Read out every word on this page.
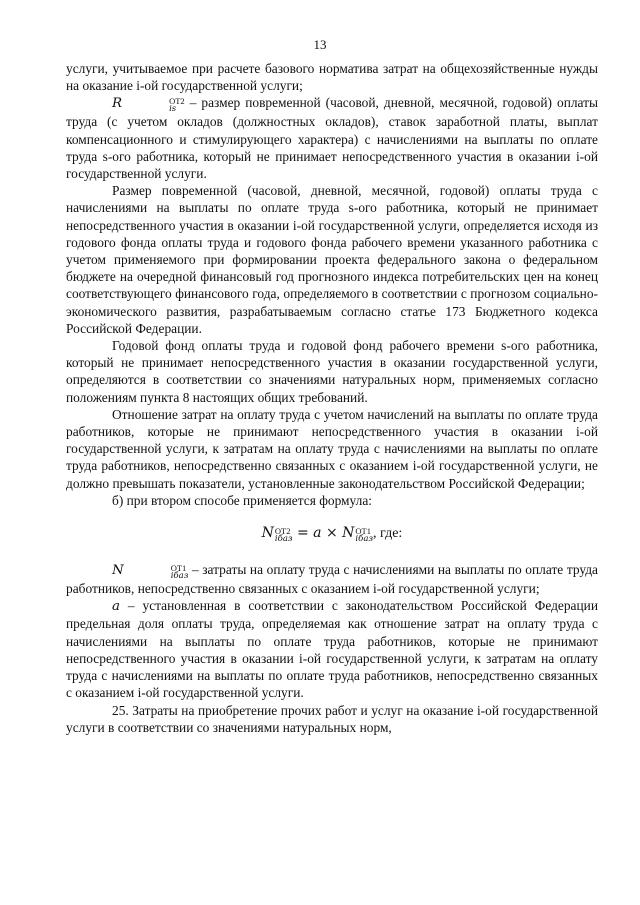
13

услуги, учитываемое при расчете базового норматива затрат на общехозяйственные нужды на оказание i-ой государственной услуги;

R	ОТ2
is – размер повременной (часовой, дневной, месячной, годовой) оплаты труда (с учетом окладов (должностных окладов), ставок заработной платы, выплат компенсационного и стимулирующего характера) с начислениями на выплаты по оплате труда s-ого работника, который не принимает непосредственного участия в оказании i-ой государственной услуги.

Размер повременной (часовой, дневной, месячной, годовой) оплаты труда с начислениями на выплаты по оплате труда s-ого работника, который не принимает непосредственного участия в оказании i-ой государственной услуги, определяется исходя из годового фонда оплаты труда и годового фонда рабочего времени указанного работника с учетом применяемого при формировании проекта федерального закона о федеральном бюджете на очередной финансовый год прогнозного индекса потребительских цен на конец соответствующего финансового года, определяемого в соответствии с прогнозом социально-экономического развития, разрабатываемым согласно статье 173 Бюджетного кодекса Российской Федерации.

Годовой фонд оплаты труда и годовой фонд рабочего времени s-ого работника, который не принимает непосредственного участия в оказании государственной услуги, определяются в соответствии со значениями натуральных норм, применяемых согласно положениям пункта 8 настоящих общих требований.

Отношение затрат на оплату труда с учетом начислений на выплаты по оплате труда работников, которые не принимают непосредственного участия в оказании i-ой государственной услуги, к затратам на оплату труда с начислениями на выплаты по оплате труда работников, непосредственно связанных с оказанием i-ой государственной услуги, не должно превышать показатели, установленные законодательством Российской Федерации;

б) при втором способе применяется формула:

N ОТ2
iбаз = a × N ОТ1
iбаз , где:

N	ОТ1
iбаз – затраты на оплату труда с начислениями на выплаты по оплате труда работников, непосредственно связанных с оказанием i-ой государственной услуги;

a – установленная в соответствии с законодательством Российской Федерации предельная доля оплаты труда, определяемая как отношение затрат на оплату труда с начислениями на выплаты по оплате труда работников, которые не принимают непосредственного участия в оказании i-ой государственной услуги, к затратам на оплату труда с начислениями на выплаты по оплате труда работников, непосредственно связанных с оказанием i-ой государственной услуги.

25. Затраты на приобретение прочих работ и услуг на оказание i-ой государственной услуги в соответствии со значениями натуральных норм,
